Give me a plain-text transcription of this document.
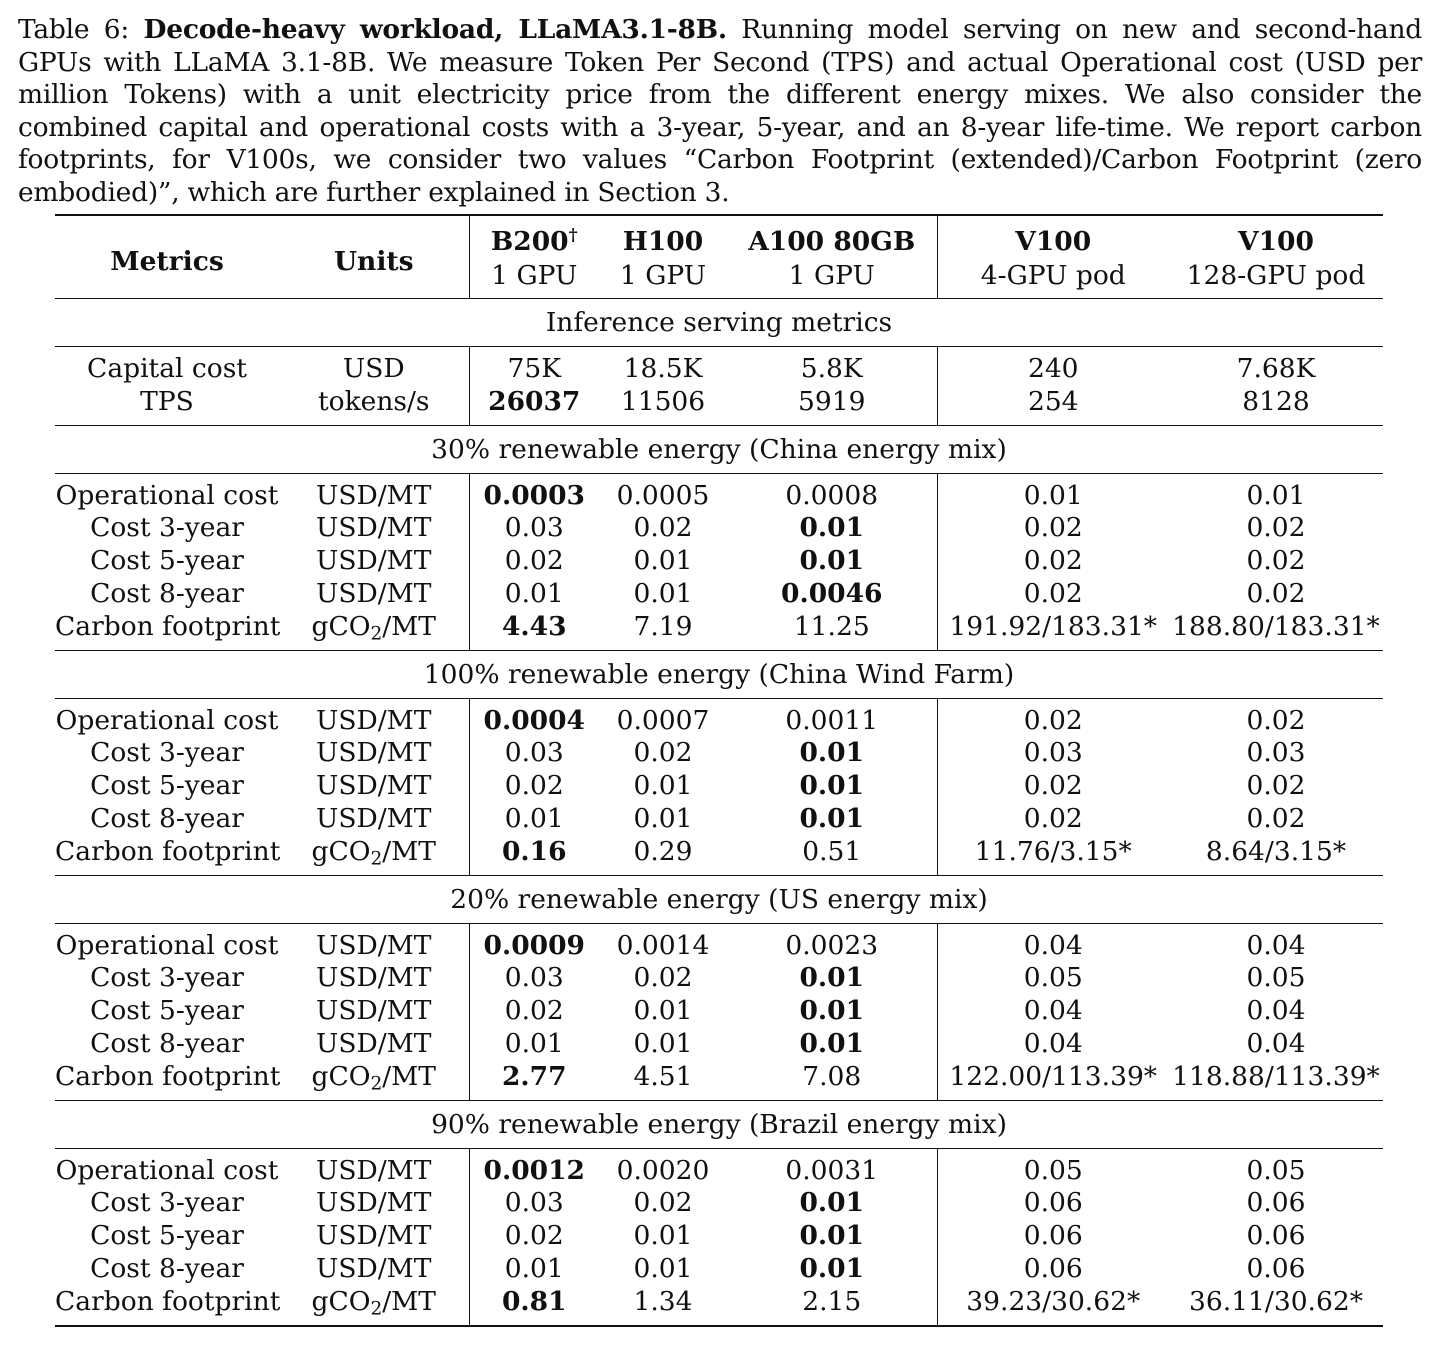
Table 6: Decode-heavy workload, LLaMA3.1-8B. Running model serving on new and second-hand GPUs with LLaMA 3.1-8B. We measure Token Per Second (TPS) and actual Operational cost (USD per million Tokens) with a unit electricity price from the different energy mixes. We also consider the combined capital and operational costs with a 3-year, 5-year, and an 8-year life-time. We report carbon footprints, for V100s, we consider two values “Carbon Footprint (extended)/Carbon Footprint (zero embodied)”, which are further explained in Section 3.
Metrics	Units	B200†	H100	A100 80GB	V100	V100
		1 GPU	1 GPU	1 GPU	4-GPU pod	128-GPU pod
Inference serving metrics						
Capital cost	USD	75K	18.5K	5.8K	240	7.68K
TPS	tokens/s	26037	11506	5919	254	8128
30% renewable energy (China energy mix)						
Operational cost	USD/MT	0.0003	0.0005	0.0008	0.01	0.01
Cost 3-year	USD/MT	0.03	0.02	0.01	0.02	0.02
Cost 5-year	USD/MT	0.02	0.01	0.01	0.02	0.02
Cost 8-year	USD/MT	0.01	0.01	0.0046	0.02	0.02
Carbon footprint	gCO$_2$/MT	4.43	7.19	11.25	191.92/183.31*	188.80/183.31*
100% renewable energy (China Wind Farm)						
Operational cost	USD/MT	0.0004	0.0007	0.0011	0.02	0.02
Cost 3-year	USD/MT	0.03	0.02	0.01	0.03	0.03
Cost 5-year	USD/MT	0.02	0.01	0.01	0.02	0.02
Cost 8-year	USD/MT	0.01	0.01	0.01	0.02	0.02
Carbon footprint	gCO$_2$/MT	0.16	0.29	0.51	11.76/3.15*	8.64/3.15*
20% renewable energy (US energy mix)						
Operational cost	USD/MT	0.0009	0.0014	0.0023	0.04	0.04
Cost 3-year	USD/MT	0.03	0.02	0.01	0.05	0.05
Cost 5-year	USD/MT	0.02	0.01	0.01	0.04	0.04
Cost 8-year	USD/MT	0.01	0.01	0.01	0.04	0.04
Carbon footprint	gCO$_2$/MT	2.77	4.51	7.08	122.00/113.39*	118.88/113.39*
90% renewable energy (Brazil energy mix)						
Operational cost	USD/MT	0.0012	0.0020	0.0031	0.05	0.05
Cost 3-year	USD/MT	0.03	0.02	0.01	0.06	0.06
Cost 5-year	USD/MT	0.02	0.01	0.01	0.06	0.06
Cost 8-year	USD/MT	0.01	0.01	0.01	0.06	0.06
Carbon footprint	gCO$_2$/MT	0.81	1.34	2.15	39.23/30.62*	36.11/30.62*
